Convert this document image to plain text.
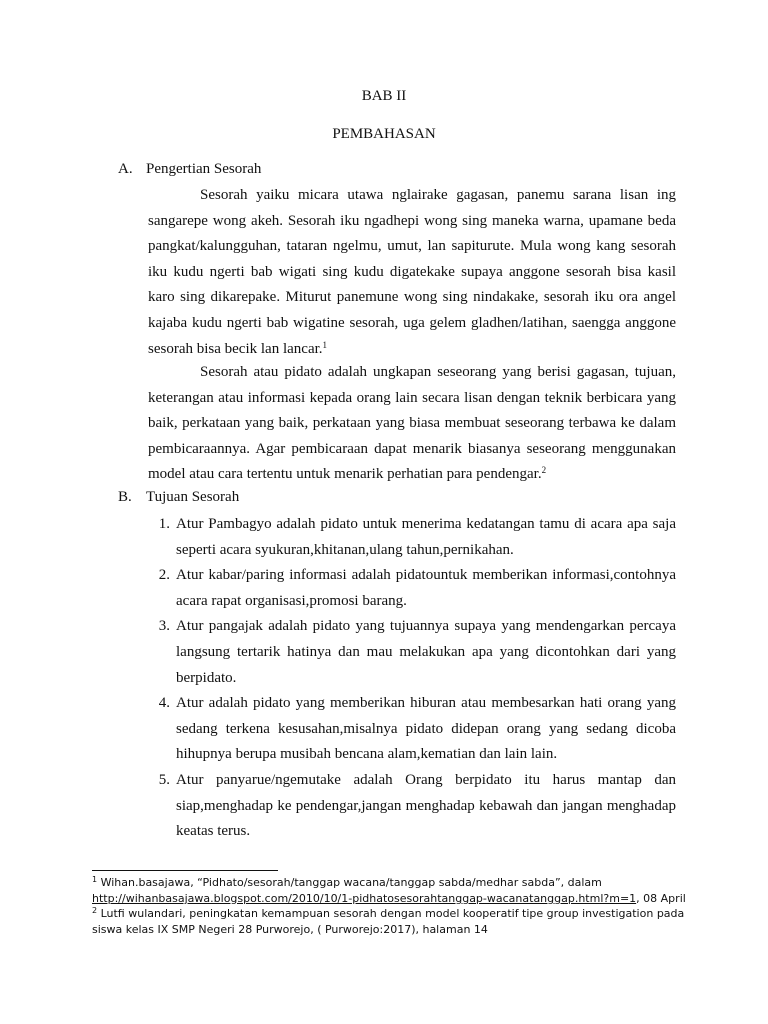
BAB II
PEMBAHASAN
A. Pengertian Sesorah

Sesorah yaiku micara utawa nglairake gagasan, panemu sarana lisan ing sangarepe wong akeh. Sesorah iku ngadhepi wong sing maneka warna, upamane beda pangkat/kalungguhan, tataran ngelmu, umut, lan sapiturute. Mula wong kang sesorah iku kudu ngerti bab wigati sing kudu digatekake supaya anggone sesorah bisa kasil karo sing dikarepake. Miturut panemune wong sing nindakake, sesorah iku ora angel kajaba kudu ngerti bab wigatine sesorah, uga gelem gladhen/latihan, saengga anggone sesorah bisa becik lan lancar.$^1$

Sesorah atau pidato adalah ungkapan seseorang yang berisi gagasan, tujuan, keterangan atau informasi kepada orang lain secara lisan dengan teknik berbicara yang baik, perkataan yang baik, perkataan yang biasa membuat seseorang terbawa ke dalam pembicaraannya. Agar pembicaraan dapat menarik biasanya seseorang menggunakan model atau cara tertentu untuk menarik perhatian para pendengar.$^2$

B. Tujuan Sesorah
1. Atur Pambagyo adalah pidato untuk menerima kedatangan tamu di acara apa saja seperti acara syukuran,khitanan,ulang tahun,pernikahan.
2. Atur kabar/paring informasi adalah pidatountuk memberikan informasi,contohnya acara rapat organisasi,promosi barang.
3. Atur pangajak adalah pidato yang tujuannya supaya yang mendengarkan percaya langsung tertarik hatinya dan mau melakukan apa yang dicontohkan dari yang berpidato.
4. Atur adalah pidato yang memberikan hiburan atau membesarkan hati orang yang sedang terkena kesusahan,misalnya pidato didepan orang yang sedang dicoba hihupnya berupa musibah bencana alam,kematian dan lain lain.
5. Atur panyarue/ngemutake adalah Orang berpidato itu harus mantap dan siap,menghadap ke pendengar,jangan menghadap kebawah dan jangan menghadap keatas terus.
$^1$ Wihan.basajawa, “Pidhato/sesorah/tanggap wacana/tanggap sabda/medhar sabda”, dalam http://wihanbasajawa.blogspot.com/2010/10/1-pidhatosesorahtanggap-wacanatanggap.html?m=1, 08 April
$^2$ Lutfi wulandari, peningkatan kemampuan sesorah dengan model kooperatif tipe group investigation pada siswa kelas IX SMP Negeri 28 Purworejo, ( Purworejo:2017), halaman 14
